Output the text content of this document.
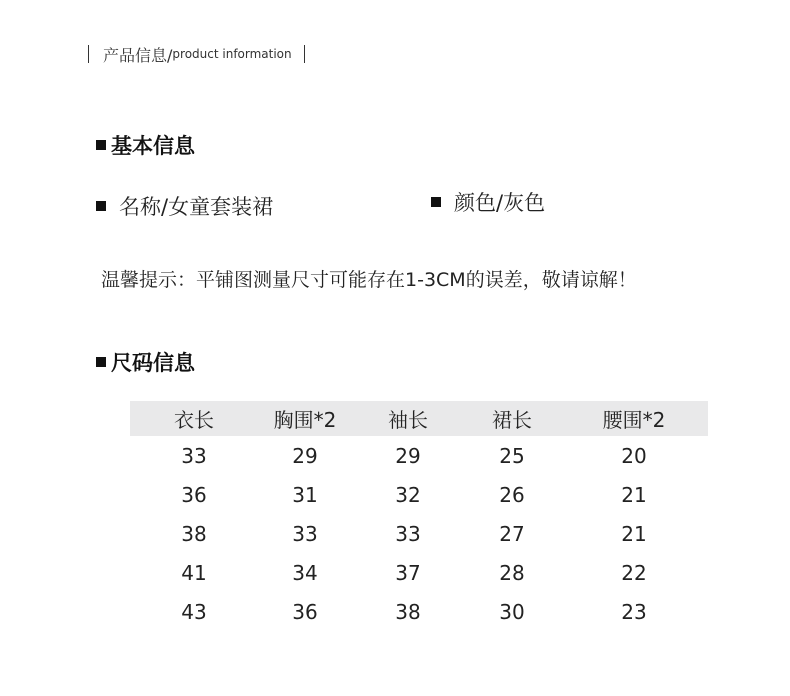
产品信息/ product information
基本信息
名称/女童套装裙	颜色/灰色
温馨提示：平铺图测量尺寸可能存在1-3CM的误差，敬请谅解！
尺码信息
衣长	胸围*2	袖长	裙长	腰围*2
33	29	29	25	20
36	31	32	26	21
38	33	33	27	21
41	34	37	28	22
43	36	38	30	23
